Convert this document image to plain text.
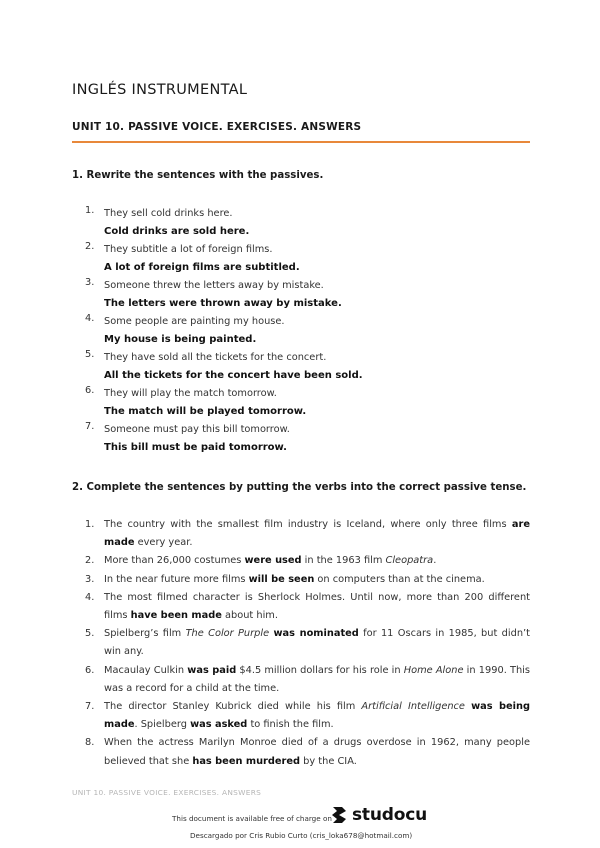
INGLÉS INSTRUMENTAL
UNIT 10. PASSIVE VOICE. EXERCISES. ANSWERS
1. Rewrite the sentences with the passives.
1. They sell cold drinks here.
Cold drinks are sold here.
2. They subtitle a lot of foreign films.
A lot of foreign films are subtitled.
3. Someone threw the letters away by mistake.
The letters were thrown away by mistake.
4. Some people are painting my house.
My house is being painted.
5. They have sold all the tickets for the concert.
All the tickets for the concert have been sold.
6. They will play the match tomorrow.
The match will be played tomorrow.
7. Someone must pay this bill tomorrow.
This bill must be paid tomorrow.
2. Complete the sentences by putting the verbs into the correct passive tense.
1. The country with the smallest film industry is Iceland, where only three films are made every year.
2. More than 26,000 costumes were used in the 1963 film Cleopatra.
3. In the near future more films will be seen on computers than at the cinema.
4. The most filmed character is Sherlock Holmes. Until now, more than 200 different films have been made about him.
5. Spielberg’s film The Color Purple was nominated for 11 Oscars in 1985, but didn’t win any.
6. Macaulay Culkin was paid $4.5 million dollars for his role in Home Alone in 1990. This was a record for a child at the time.
7. The director Stanley Kubrick died while his film Artificial Intelligence was being made. Spielberg was asked to finish the film.
8. When the actress Marilyn Monroe died of a drugs overdose in 1962, many people believed that she has been murdered by the CIA.
UNIT 10. PASSIVE VOICE. EXERCISES. ANSWERS
This document is available free of charge on studocu
Descargado por Cris Rubio Curto (cris_loka678@hotmail.com)
